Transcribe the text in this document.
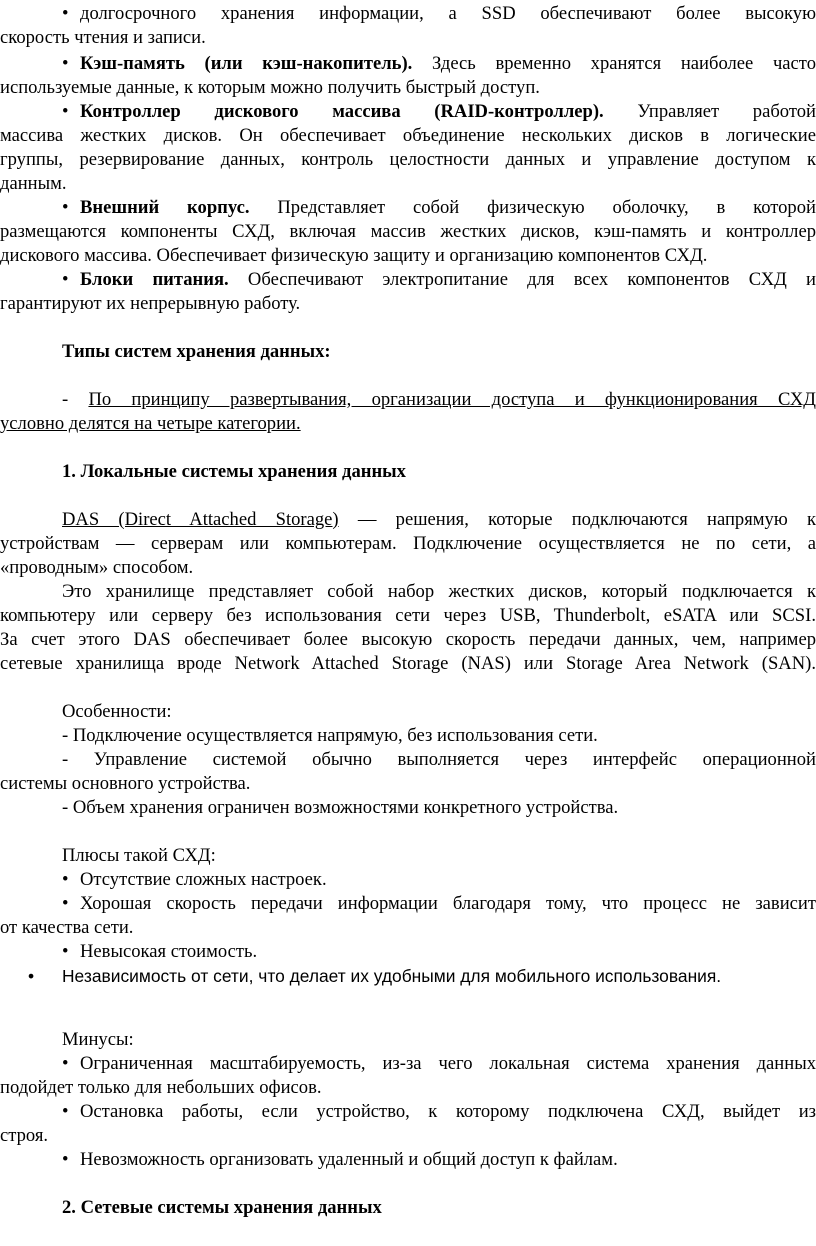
• долгосрочного хранения информации, а SSD обеспечивают более высокую
скорость чтения и записи.
• Кэш-память (или кэш-накопитель). Здесь временно хранятся наиболее часто
используемые данные, к которым можно получить быстрый доступ.
• Контроллер дискового массива (RAID-контроллер). Управляет работой
массива жестких дисков. Он обеспечивает объединение нескольких дисков в логические
группы, резервирование данных, контроль целостности данных и управление доступом к
данным.
• Внешний корпус. Представляет собой физическую оболочку, в которой
размещаются компоненты СХД, включая массив жестких дисков, кэш-память и контроллер
дискового массива. Обеспечивает физическую защиту и организацию компонентов СХД.
• Блоки питания. Обеспечивают электропитание для всех компонентов СХД и
гарантируют их непрерывную работу.
Типы систем хранения данных:
- По принципу развертывания, организации доступа и функционирования СХД
условно делятся на четыре категории.
1. Локальные системы хранения данных
DAS (Direct Attached Storage) — решения, которые подключаются напрямую к
устройствам — серверам или компьютерам. Подключение осуществляется не по сети, а
«проводным» способом.
Это хранилище представляет собой набор жестких дисков, который подключается к
компьютеру или серверу без использования сети через USB, Thunderbolt, eSATA или SCSI.
За счет этого DAS обеспечивает более высокую скорость передачи данных, чем, например
сетевые хранилища вроде Network Attached Storage (NAS) или Storage Area Network (SAN).
Особенности:
- Подключение осуществляется напрямую, без использования сети.
- Управление системой обычно выполняется через интерфейс операционной
системы основного устройства.
- Объем хранения ограничен возможностями конкретного устройства.
Плюсы такой СХД:
• Отсутствие сложных настроек.
• Хорошая скорость передачи информации благодаря тому, что процесс не зависит
от качества сети.
• Невысокая стоимость.
• Независимость от сети, что делает их удобными для мобильного использования.
Минусы:
• Ограниченная масштабируемость, из-за чего локальная система хранения данных
подойдет только для небольших офисов.
• Остановка работы, если устройство, к которому подключена СХД, выйдет из
строя.
• Невозможность организовать удаленный и общий доступ к файлам.
2. Сетевые системы хранения данных
